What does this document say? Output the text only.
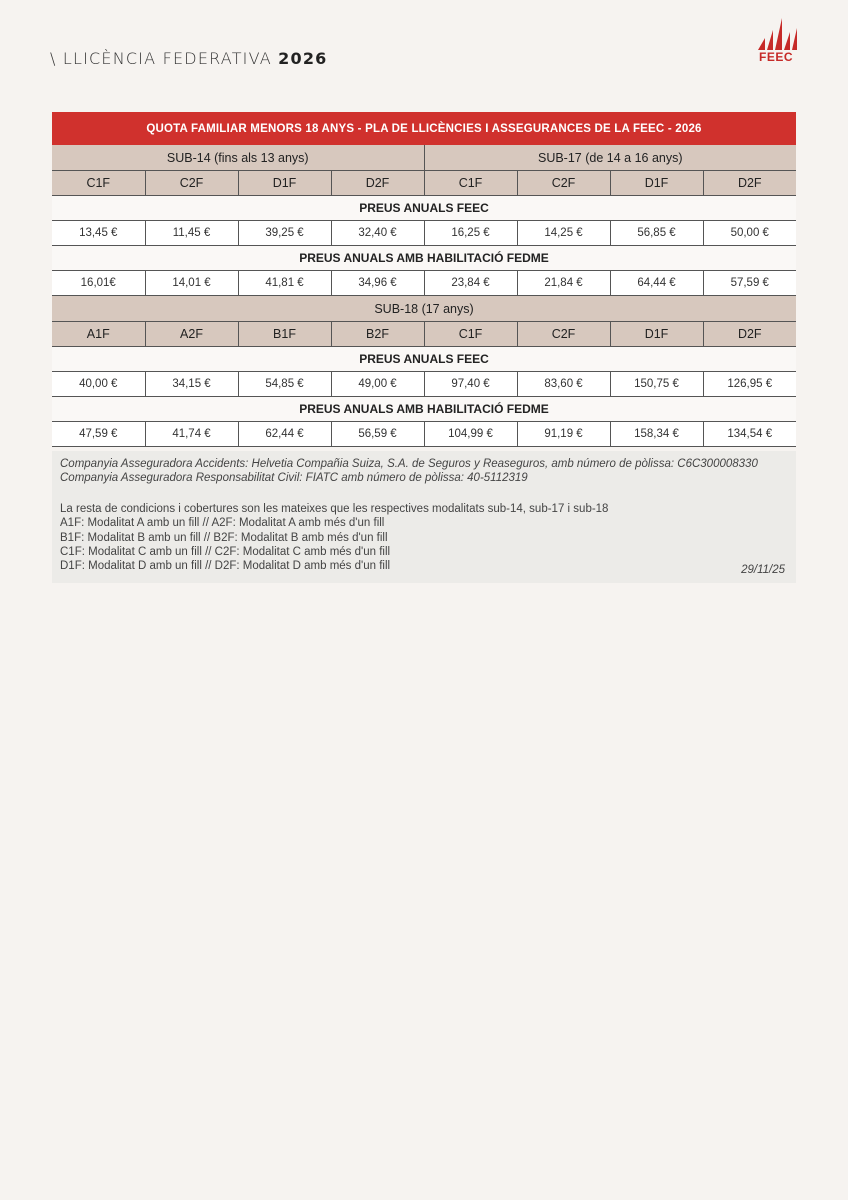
\ LLICÈNCIA FEDERATIVA 2026	FEEC
QUOTA FAMILIAR MENORS 18 ANYS - PLA DE LLICÈNCIES I ASSEGURANCES DE LA FEEC - 2026							
SUB-14 (fins als 13 anys)				SUB-17 (de 14 a 16 anys)			
C1F	C2F	D1F	D2F	C1F	C2F	D1F	D2F
PREUS ANUALS FEEC							
13,45 €	11,45 €	39,25 €	32,40 €	16,25 €	14,25 €	56,85 €	50,00 €
PREUS ANUALS AMB HABILITACIÓ FEDME							
16,01€	14,01 €	41,81 €	34,96 €	23,84 €	21,84 €	64,44 €	57,59 €
SUB-18 (17 anys)							
A1F	A2F	B1F	B2F	C1F	C2F	D1F	D2F
PREUS ANUALS FEEC							
40,00 €	34,15 €	54,85 €	49,00 €	97,40 €	83,60 €	150,75 €	126,95 €
PREUS ANUALS AMB HABILITACIÓ FEDME							
47,59 €	41,74 €	62,44 €	56,59 €	104,99 €	91,19 €	158,34 €	134,54 €
Companyia Asseguradora Accidents: Helvetia Compañia Suiza, S.A. de Seguros y Reaseguros, amb número de pòlissa: C6C300008330
Companyia Asseguradora Responsabilitat Civil: FIATC amb número de pòlissa: 40-5112319
La resta de condicions i cobertures son les mateixes que les respectives modalitats sub-14, sub-17 i sub-18
A1F: Modalitat A amb un fill // A2F: Modalitat A amb més d'un fill
B1F: Modalitat B amb un fill // B2F: Modalitat B amb més d'un fill
C1F: Modalitat C amb un fill // C2F: Modalitat C amb més d'un fill
D1F: Modalitat D amb un fill // D2F: Modalitat D amb més d'un fill	29/11/25
